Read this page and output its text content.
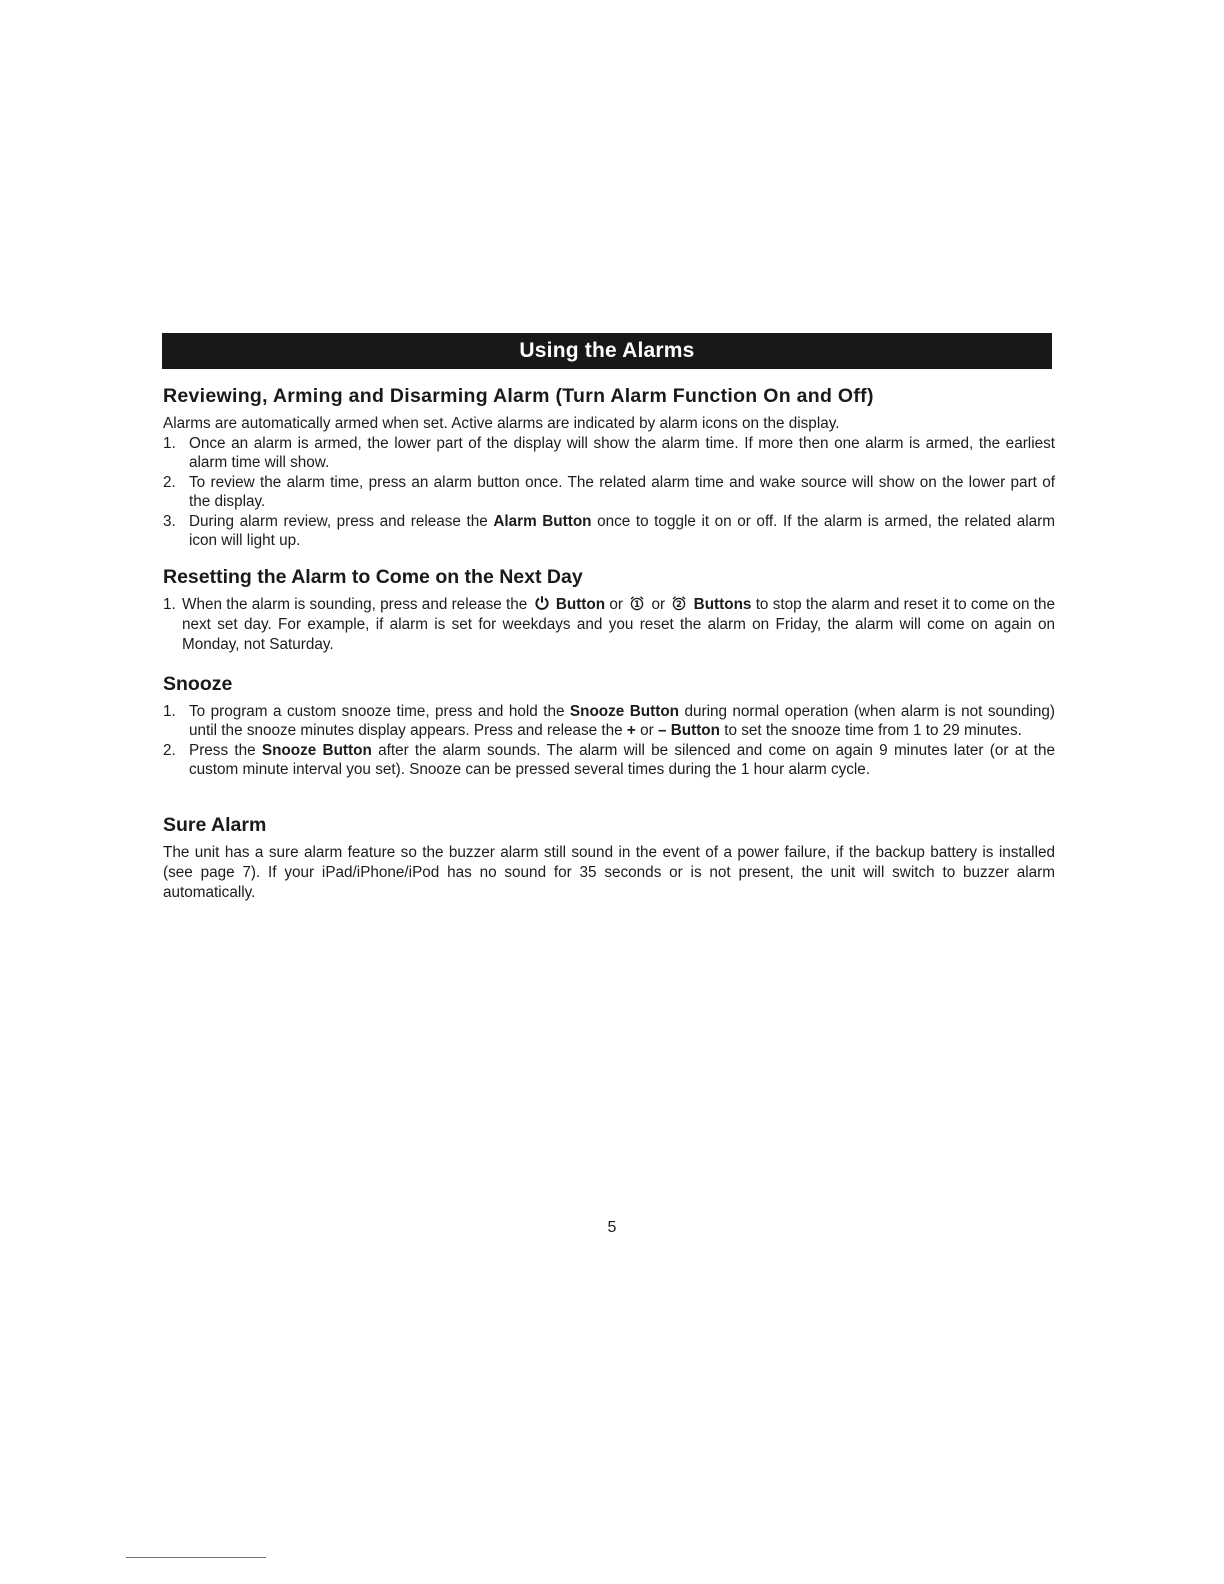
Using the Alarms
Reviewing, Arming and Disarming Alarm (Turn Alarm Function On and Off)

Alarms are automatically armed when set. Active alarms are indicated by alarm icons on the display.

1. Once an alarm is armed, the lower part of the display will show the alarm time. If more then one alarm is armed, the earliest alarm time will show.
2. To review the alarm time, press an alarm button once. The related alarm time and wake source will show on the lower part of the display.
3. During alarm review, press and release the Alarm Button once to toggle it on or off. If the alarm is armed, the related alarm icon will light up.
Resetting the Alarm to Come on the Next Day
1. When the alarm is sounding, press and release the Button or 1 or 2 Buttons to stop the alarm and reset it to come on the next set day. For example, if alarm is set for weekdays and you reset the alarm on Friday, the alarm will come on again on Monday, not Saturday.
Snooze
1. To program a custom snooze time, press and hold the Snooze Button during normal operation (when alarm is not sounding) until the snooze minutes display appears. Press and release the + or – Button to set the snooze time from 1 to 29 minutes.
2. Press the Snooze Button after the alarm sounds. The alarm will be silenced and come on again 9 minutes later (or at the custom minute interval you set). Snooze can be pressed several times during the 1 hour alarm cycle.
Sure Alarm

The unit has a sure alarm feature so the buzzer alarm still sound in the event of a power failure, if the backup battery is installed (see page 7). If your iPad/iPhone/iPod has no sound for 35 seconds or is not present, the unit will switch to buzzer alarm automatically.

5
